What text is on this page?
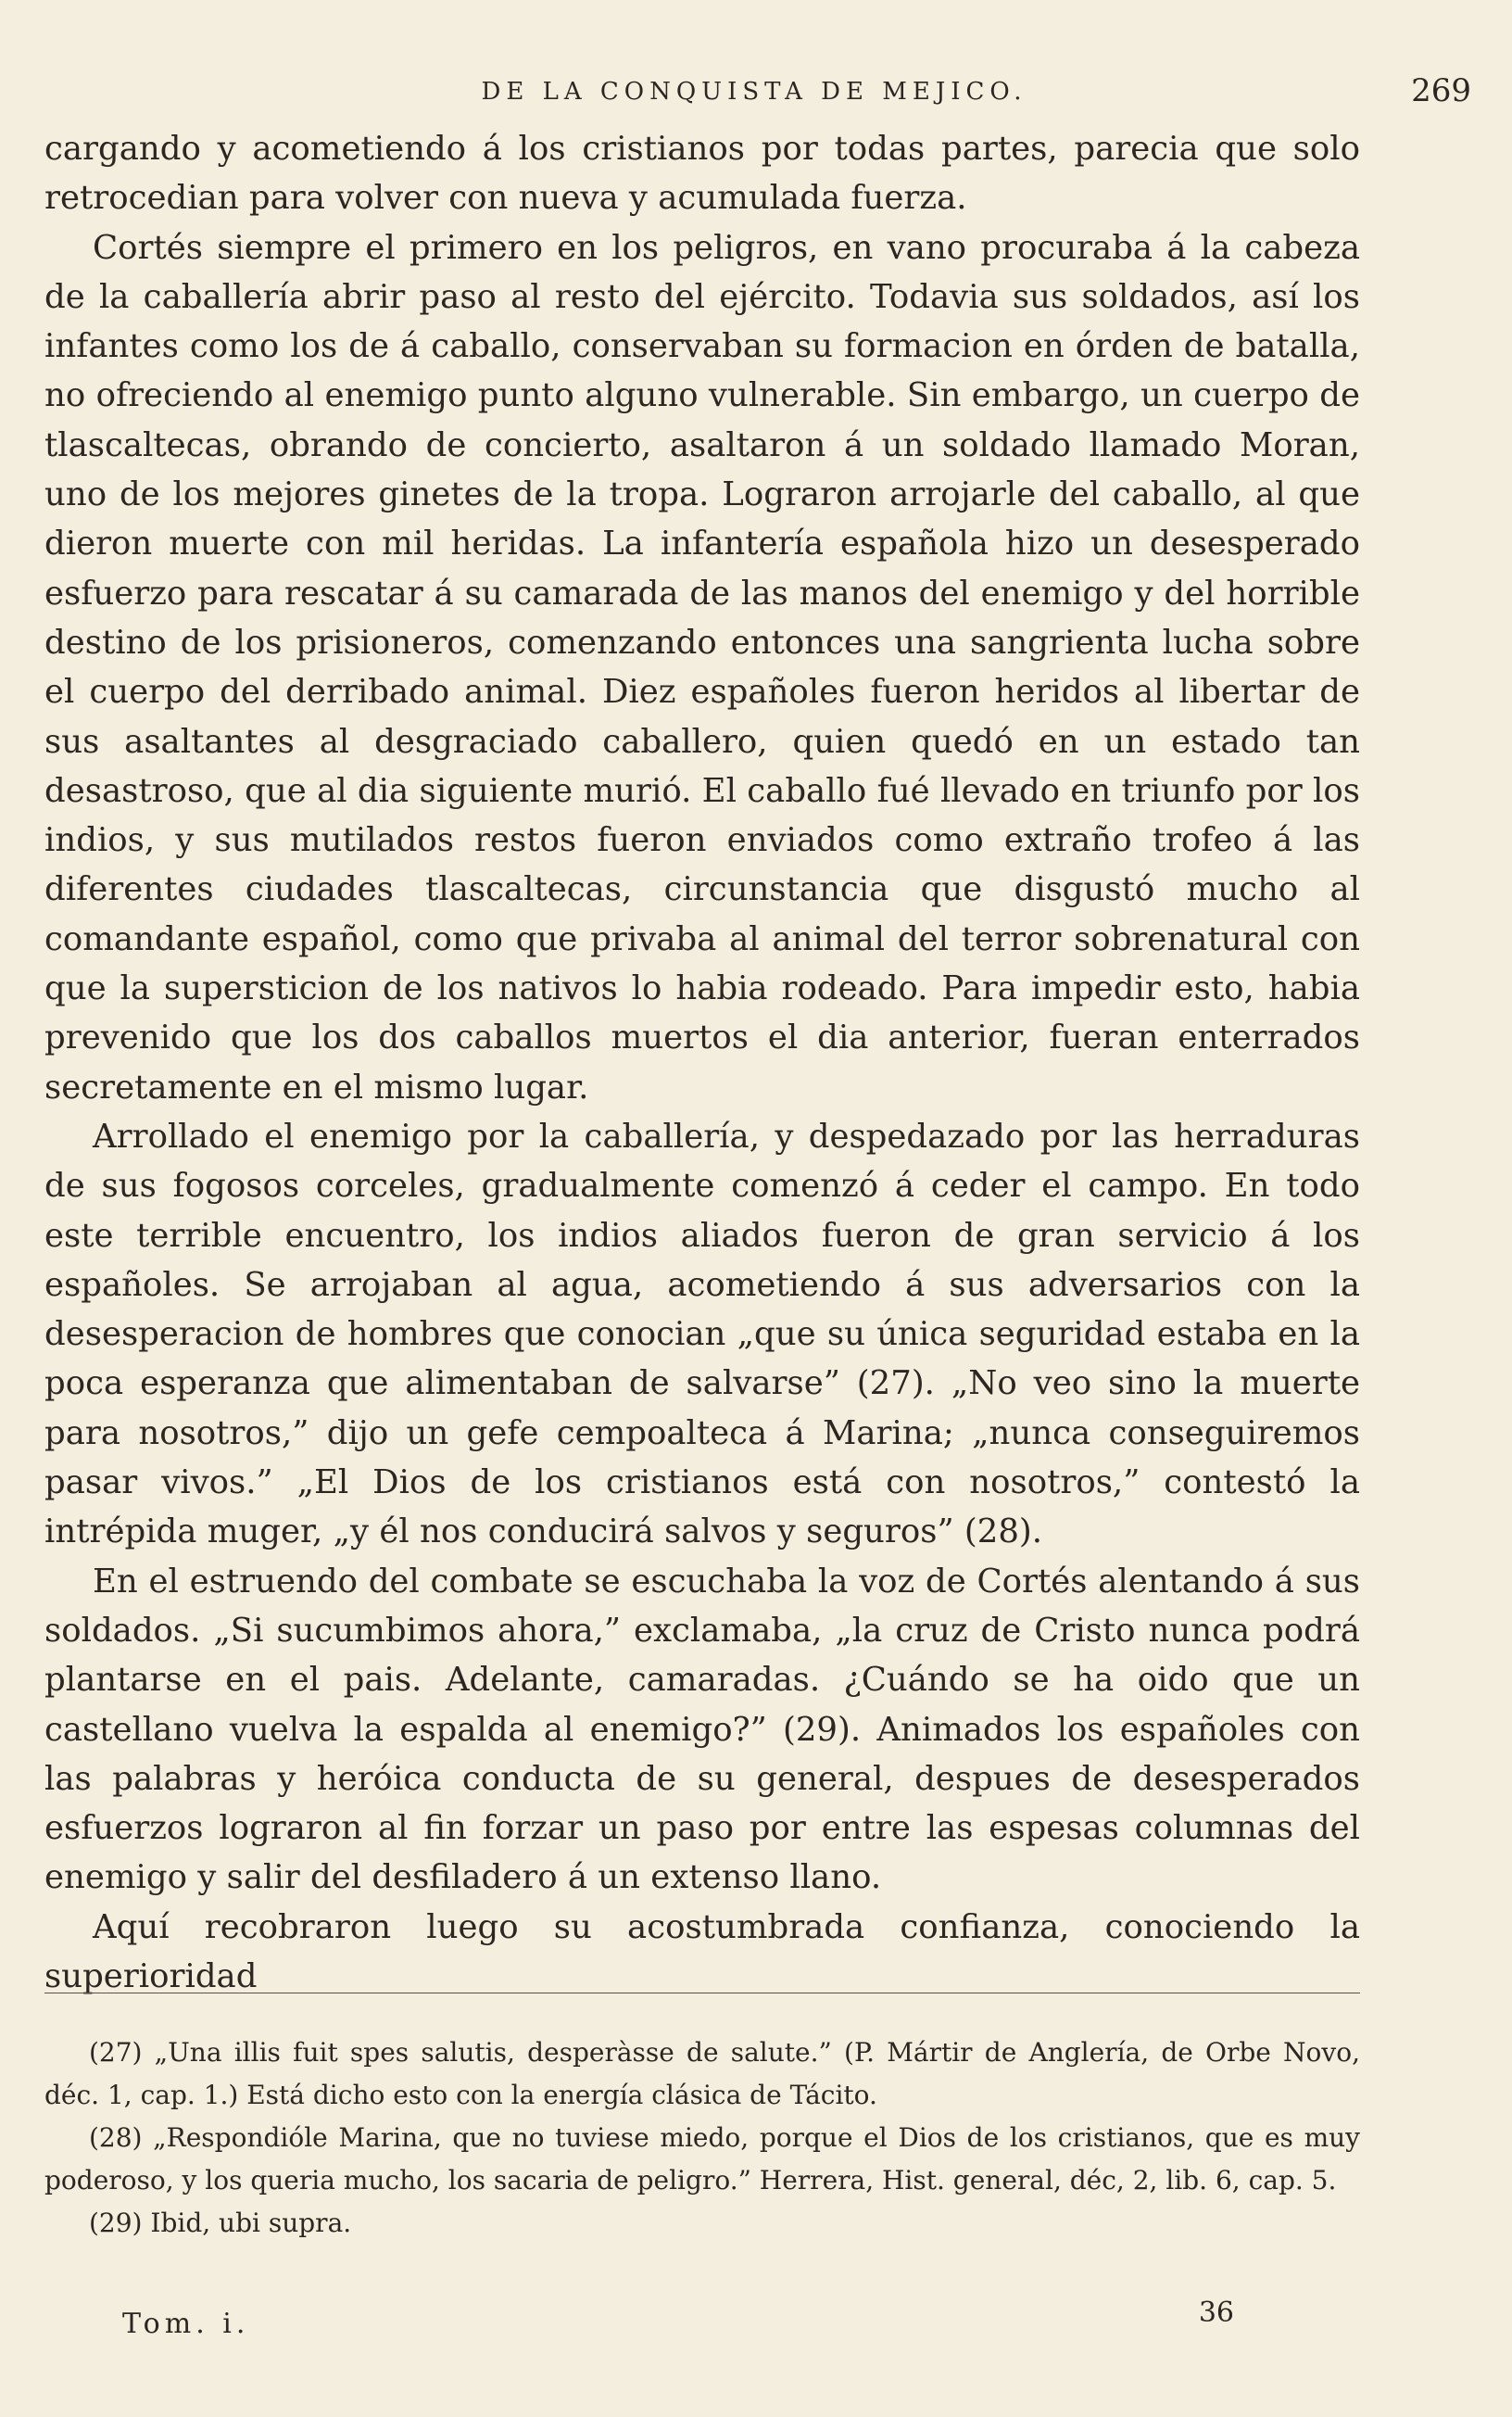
DE LA CONQUISTA DE MEJICO.	269

cargando y acometiendo á los cristianos por todas partes, parecia que solo retrocedian para volver con nueva y acumulada fuerza.

Cortés siempre el primero en los peligros, en vano procuraba á la cabeza de la caballería abrir paso al resto del ejército. Todavia sus soldados, así los infantes como los de á caballo, conservaban su formacion en órden de batalla, no ofreciendo al enemigo punto alguno vulnerable. Sin embargo, un cuerpo de tlascaltecas, obrando de concierto, asaltaron á un soldado llamado Moran, uno de los mejores ginetes de la tropa. Lograron arrojarle del caballo, al que dieron muerte con mil heridas. La infantería española hizo un desesperado esfuerzo para rescatar á su camarada de las manos del enemigo y del horrible destino de los prisioneros, comenzando entonces una sangrienta lucha sobre el cuerpo del derribado animal. Diez españoles fueron heridos al libertar de sus asaltantes al desgraciado caballero, quien quedó en un estado tan desastroso, que al dia siguiente murió. El caballo fué llevado en triunfo por los indios, y sus mutilados restos fueron enviados como extraño trofeo á las diferentes ciudades tlascaltecas, circunstancia que disgustó mucho al comandante español, como que privaba al animal del terror sobrenatural con que la supersticion de los nativos lo habia rodeado. Para impedir esto, habia prevenido que los dos caballos muertos el dia anterior, fueran enterrados secretamente en el mismo lugar.

Arrollado el enemigo por la caballería, y despedazado por las herraduras de sus fogosos corceles, gradualmente comenzó á ceder el campo. En todo este terrible encuentro, los indios aliados fueron de gran servicio á los españoles. Se arrojaban al agua, acometiendo á sus adversarios con la desesperacion de hombres que conocian „que su única seguridad estaba en la poca esperanza que alimentaban de salvarse” (27). „No veo sino la muerte para nosotros,” dijo un gefe cempoalteca á Marina; „nunca conseguiremos pasar vivos.” „El Dios de los cristianos está con nosotros,” contestó la intrépida muger, „y él nos conducirá salvos y seguros” (28).

En el estruendo del combate se escuchaba la voz de Cortés alentando á sus soldados. „Si sucumbimos ahora,” exclamaba, „la cruz de Cristo nunca podrá plantarse en el pais. Adelante, camaradas. ¿Cuándo se ha oido que un castellano vuelva la espalda al enemigo?” (29). Animados los españoles con las palabras y heróica conducta de su general, despues de desesperados esfuerzos lograron al fin forzar un paso por entre las espesas columnas del enemigo y salir del desfiladero á un extenso llano.

Aquí recobraron luego su acostumbrada confianza, conociendo la superioridad

(27) „Una illis fuit spes salutis, desperàsse de salute.” (P. Mártir de Anglería, de Orbe Novo, déc. 1, cap. 1.) Está dicho esto con la energía clásica de Tácito.

(28) „Respondióle Marina, que no tuviese miedo, porque el Dios de los cristianos, que es muy poderoso, y los queria mucho, los sacaria de peligro.” Herrera, Hist. general, déc, 2, lib. 6, cap. 5.

(29) Ibid, ubi supra.

Tom. i.	36
